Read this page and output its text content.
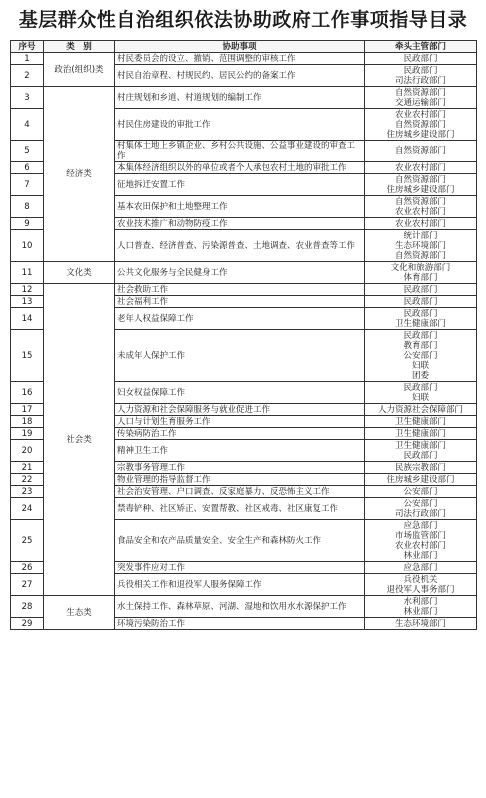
基层群众性自治组织依法协助政府工作事项指导目录
序号	类　别	协助事项	牵头主管部门
1	政治(组织)类	村民委员会的设立、撤销、范围调整的审核工作	民政部门

2		村民自治章程、村规民约、居民公约的备案工作	民政部门
司法行政部门

3	经济类	村庄规划和乡道、村道规划的编制工作	自然资源部门
交通运输部门

4		村民住房建设的审批工作	农业农村部门
自然资源部门
住房城乡建设部门

5		村集体土地上乡镇企业、乡村公共设施、公益事业建设的审查工作	自然资源部门

6		本集体经济组织以外的单位或者个人承包农村土地的审批工作	农业农村部门

7		征地拆迁安置工作	自然资源部门
住房城乡建设部门

8		基本农田保护和土地整理工作	自然资源部门
农业农村部门

9		农业技术推广和动物防疫工作	农业农村部门

10		人口普查、经济普查、污染源普查、土地调查、农业普查等工作	统计部门
生态环境部门
自然资源部门

11	文化类	公共文化服务与全民健身工作	文化和旅游部门
体育部门

12	社会类	社会救助工作	民政部门

13		社会福利工作	民政部门

14		老年人权益保障工作	民政部门
卫生健康部门

15		未成年人保护工作	民政部门
教育部门
公安部门
妇联
团委

16		妇女权益保障工作	民政部门
妇联

17		人力资源和社会保障服务与就业促进工作	人力资源社会保障部门

18		人口与计划生育服务工作	卫生健康部门

19		传染病防治工作	卫生健康部门

20		精神卫生工作	卫生健康部门
民政部门

21		宗教事务管理工作	民族宗教部门

22		物业管理的指导监督工作	住房城乡建设部门

23		社会治安管理、户口调查、反家庭暴力、反恐怖主义工作	公安部门

24		禁毒铲种、社区矫正、安置帮教、社区戒毒、社区康复工作	公安部门
司法行政部门

25		食品安全和农产品质量安全、安全生产和森林防火工作	应急部门
市场监管部门
农业农村部门
林业部门

26		突发事件应对工作	应急部门

27		兵役相关工作和退役军人服务保障工作	兵役机关
退役军人事务部门

28	生态类	水土保持工作、森林草原、河湖、湿地和饮用水水源保护工作	水利部门
林业部门

29		环境污染防治工作	生态环境部门
